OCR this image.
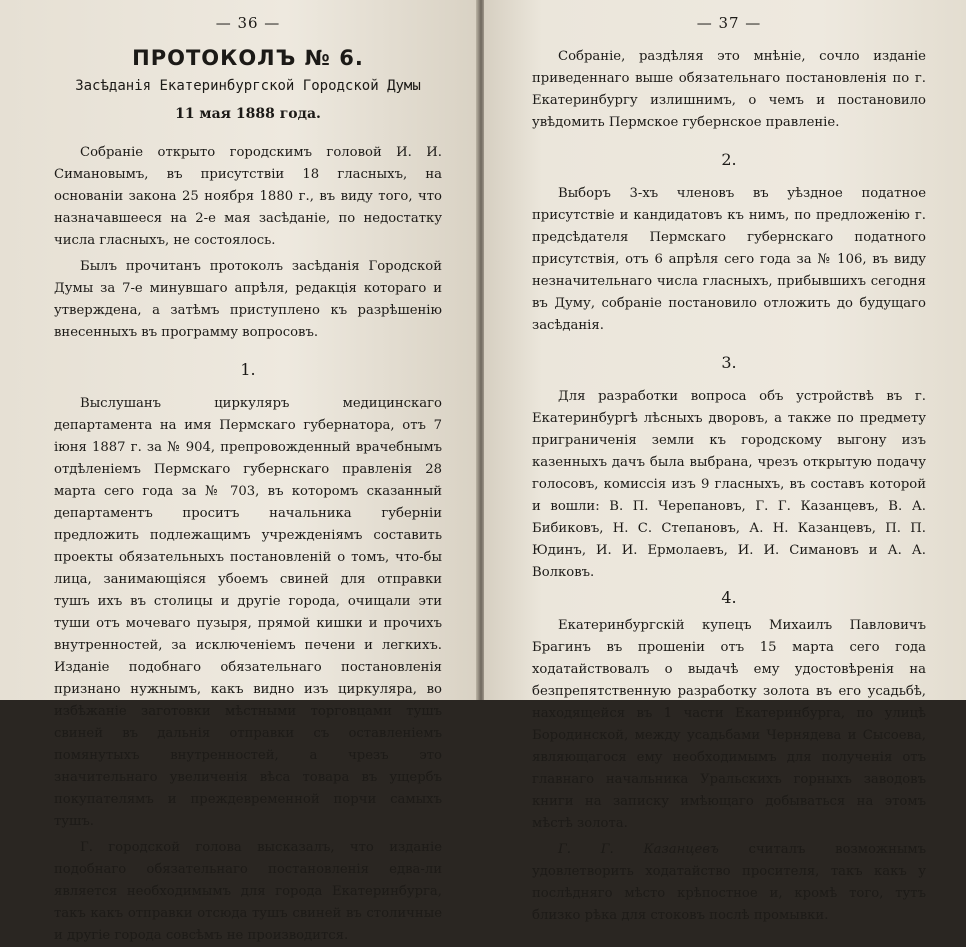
— 36 —
ПРОТОКОЛЪ № 6.
Засѣданія Екатеринбургской Городской Думы
11 мая 1888 года.

Собраніе открыто городскимъ головой И. И. Симановымъ, въ присутствіи 18 гласныхъ, на основаніи закона 25 ноября 1880 г., въ виду того, что назначавшееся на 2-е мая засѣданіе, по недостатку числа гласныхъ, не состоялось.

Былъ прочитанъ протоколъ засѣданія Городской Думы за 7-е минувшаго апрѣля, редакція котораго и утверждена, а затѣмъ приступлено къ разрѣшенію внесенныхъ въ программу вопросовъ.

1.

Выслушанъ циркуляръ медицинскаго департамента на имя Пермскаго губернатора, отъ 7 іюня 1887 г. за № 904, препровожденный врачебнымъ отдѣленіемъ Пермскаго губернскаго правленія 28 марта сего года за № 703, въ которомъ сказанный департаментъ проситъ начальника губерніи предложить подлежащимъ учрежденіямъ составить проекты обязательныхъ постановленій о томъ, что-бы лица, занимающіяся убоемъ свиней для отправки тушъ ихъ въ столицы и другіе города, очищали эти туши отъ мочеваго пузыря, прямой кишки и прочихъ внутренностей, за исключеніемъ печени и легкихъ. Изданіе подобнаго обязательнаго постановленія признано нужнымъ, какъ видно изъ циркуляра, во избѣжаніе заготовки мѣстными торговцами тушъ свиней въ дальнія отправки съ оставленіемъ помянутыхъ внутренностей, а чрезъ это значительнаго увеличенія вѣса товара въ ущербъ покупателямъ и преждевременной порчи самыхъ тушъ.

Г. городской голова высказалъ, что изданіе подобнаго обязательнаго постановленія едва-ли является необходимымъ для города Екатеринбурга, такъ какъ отправки отсюда тушъ свиней въ столичные и другіе города совсѣмъ не производится.

— 37 —

Собраніе, раздѣляя это мнѣніе, сочло изданіе приведеннаго выше обязательнаго постановленія по г. Екатеринбургу излишнимъ, о чемъ и постановило увѣдомить Пермское губернское правленіе.

2.

Выборъ 3-хъ членовъ въ уѣздное податное присутствіе и кандидатовъ къ нимъ, по предложенію г. предсѣдателя Пермскаго губернскаго податного присутствія, отъ 6 апрѣля сего года за № 106, въ виду незначительнаго числа гласныхъ, прибывшихъ сегодня въ Думу, собраніе постановило отложить до будущаго засѣданія.

3.

Для разработки вопроса объ устройствѣ въ г. Екатеринбургѣ лѣсныхъ дворовъ, а также по предмету приграниченія земли къ городскому выгону изъ казенныхъ дачъ была выбрана, чрезъ открытую подачу голосовъ, комиссія изъ 9 гласныхъ, въ составъ которой и вошли: В. П. Черепановъ, Г. Г. Казанцевъ, В. А. Бибиковъ, Н. С. Степановъ, А. Н. Казанцевъ, П. П. Юдинъ, И. И. Ермолаевъ, И. И. Симановъ и А. А. Волковъ.

4.

Екатеринбургскій купецъ Михаилъ Павловичъ Брагинъ въ прошеніи отъ 15 марта сего года ходатайствовалъ о выдачѣ ему удостовѣренія на безпрепятственную разработку золота въ его усадьбѣ, находящейся въ 1 части Екатеринбурга, по улицѣ Бородинской, между усадьбами Чернядева и Сысоева, являющагося ему необходимымъ для полученія отъ главнаго начальника Уральскихъ горныхъ заводовъ книги на записку имѣющаго добываться на этомъ мѣстѣ золота.

Г. Г. Казанцевъ считалъ возможнымъ удовлетворить ходатайство просителя, такъ какъ у послѣдняго мѣсто крѣпостное и, кромѣ того, тутъ близко рѣка для стоковъ послѣ промывки.
